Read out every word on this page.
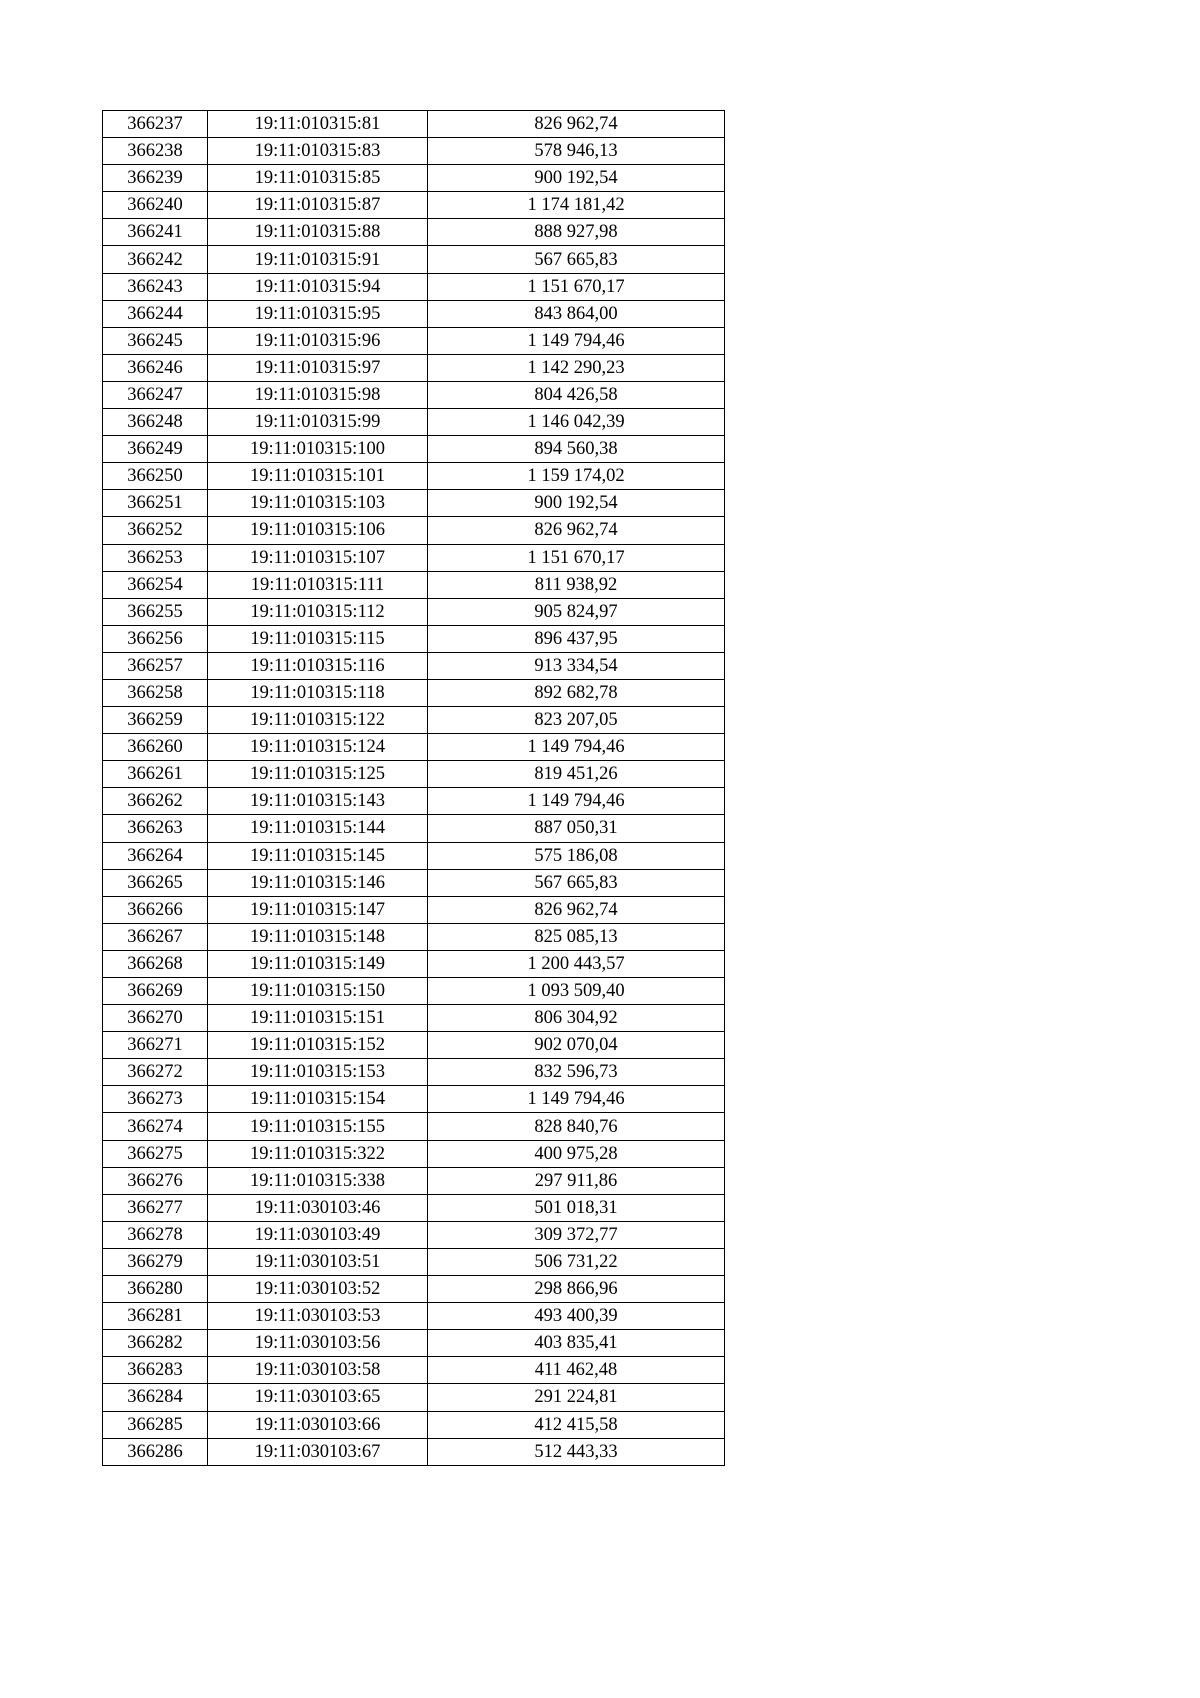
366237	19:11:010315:81	826 962,74
366238	19:11:010315:83	578 946,13
366239	19:11:010315:85	900 192,54
366240	19:11:010315:87	1 174 181,42
366241	19:11:010315:88	888 927,98
366242	19:11:010315:91	567 665,83
366243	19:11:010315:94	1 151 670,17
366244	19:11:010315:95	843 864,00
366245	19:11:010315:96	1 149 794,46
366246	19:11:010315:97	1 142 290,23
366247	19:11:010315:98	804 426,58
366248	19:11:010315:99	1 146 042,39
366249	19:11:010315:100	894 560,38
366250	19:11:010315:101	1 159 174,02
366251	19:11:010315:103	900 192,54
366252	19:11:010315:106	826 962,74
366253	19:11:010315:107	1 151 670,17
366254	19:11:010315:111	811 938,92
366255	19:11:010315:112	905 824,97
366256	19:11:010315:115	896 437,95
366257	19:11:010315:116	913 334,54
366258	19:11:010315:118	892 682,78
366259	19:11:010315:122	823 207,05
366260	19:11:010315:124	1 149 794,46
366261	19:11:010315:125	819 451,26
366262	19:11:010315:143	1 149 794,46
366263	19:11:010315:144	887 050,31
366264	19:11:010315:145	575 186,08
366265	19:11:010315:146	567 665,83
366266	19:11:010315:147	826 962,74
366267	19:11:010315:148	825 085,13
366268	19:11:010315:149	1 200 443,57
366269	19:11:010315:150	1 093 509,40
366270	19:11:010315:151	806 304,92
366271	19:11:010315:152	902 070,04
366272	19:11:010315:153	832 596,73
366273	19:11:010315:154	1 149 794,46
366274	19:11:010315:155	828 840,76
366275	19:11:010315:322	400 975,28
366276	19:11:010315:338	297 911,86
366277	19:11:030103:46	501 018,31
366278	19:11:030103:49	309 372,77
366279	19:11:030103:51	506 731,22
366280	19:11:030103:52	298 866,96
366281	19:11:030103:53	493 400,39
366282	19:11:030103:56	403 835,41
366283	19:11:030103:58	411 462,48
366284	19:11:030103:65	291 224,81
366285	19:11:030103:66	412 415,58
366286	19:11:030103:67	512 443,33
